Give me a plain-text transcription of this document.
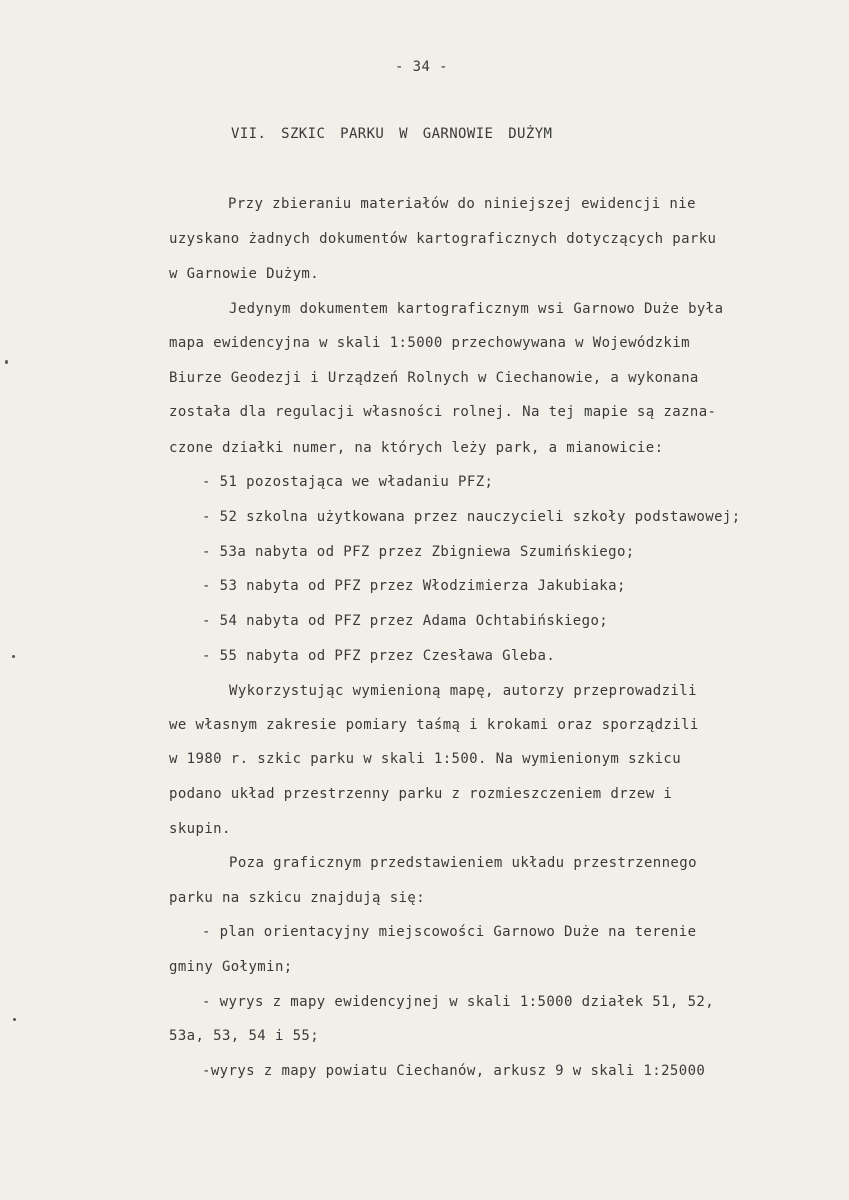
- 34 -
VII. SZKIC PARKU W GARNOWIE DUŻYM
Przy zbieraniu materiałów do niniejszej ewidencji nie
uzyskano żadnych dokumentów kartograficznych dotyczących parku
w Garnowie Dużym.
Jedynym dokumentem kartograficznym wsi Garnowo Duże była
mapa ewidencyjna w skali 1:5000 przechowywana w Wojewódzkim
Biurze Geodezji i Urządzeń Rolnych w Ciechanowie, a wykonana
została dla regulacji własności rolnej. Na tej mapie są zazna-
czone działki numer, na których leży park, a mianowicie:
- 51 pozostająca we władaniu PFZ;
- 52 szkolna użytkowana przez nauczycieli szkoły podstawowej;
- 53a nabyta od PFZ przez Zbigniewa Szumińskiego;
- 53 nabyta od PFZ przez Włodzimierza Jakubiaka;
- 54 nabyta od PFZ przez Adama Ochtabińskiego;
- 55 nabyta od PFZ przez Czesława Gleba.
Wykorzystując wymienioną mapę, autorzy przeprowadzili
we własnym zakresie pomiary taśmą i krokami oraz sporządzili
w 1980 r. szkic parku w skali 1:500. Na wymienionym szkicu
podano układ przestrzenny parku z rozmieszczeniem drzew i
skupin.
Poza graficznym przedstawieniem układu przestrzennego
parku na szkicu znajdują się:
- plan orientacyjny miejscowości Garnowo Duże na terenie
gminy Gołymin;
- wyrys z mapy ewidencyjnej w skali 1:5000 działek 51, 52,
53a, 53, 54 i 55;
-wyrys z mapy powiatu Ciechanów, arkusz 9 w skali 1:25000
